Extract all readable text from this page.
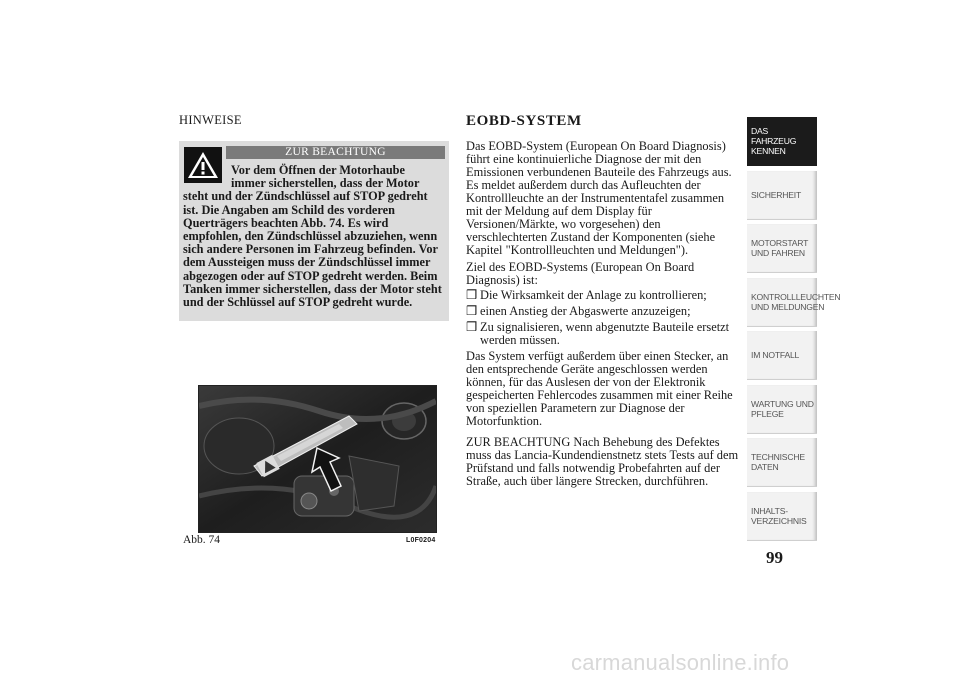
HINWEISE
ZUR BEACHTUNG
Vor dem Öffnen der Motorhaube
immer sicherstellen, dass der Motor
steht und der Zündschlüssel auf STOP gedreht ist. Die Angaben am Schild des vorderen Querträgers beachten Abb. 74. Es wird empfohlen, den Zündschlüssel abzuziehen, wenn sich andere Personen im Fahrzeug befinden. Vor dem Aussteigen muss der Zündschlüssel immer abgezogen oder auf STOP gedreht werden. Beim Tanken immer sicherstellen, dass der Motor steht und der Schlüssel auf STOP gedreht wurde.
Abb. 74	L0F0204
EOBD-SYSTEM

Das EOBD-System (European On Board Diagnosis) führt eine kontinuierliche Diagnose der mit den Emissionen verbundenen Bauteile des Fahrzeugs aus. Es meldet außerdem durch das Aufleuchten der Kontrollleuchte an der Instrumententafel zusammen mit der Meldung auf dem Display für Versionen/Märkte, wo vorgesehen) den verschlechterten Zustand der Komponenten (siehe Kapitel "Kontrollleuchten und Meldungen").

Ziel des EOBD-Systems (European On Board Diagnosis) ist:

❒ Die Wirksamkeit der Anlage zu kontrollieren;
❒ einen Anstieg der Abgaswerte anzuzeigen;
❒ Zu signalisieren, wenn abgenutzte Bauteile ersetzt werden müssen.

Das System verfügt außerdem über einen Stecker, an den entsprechende Geräte angeschlossen werden können, für das Auslesen der von der Elektronik gespeicherten Fehlercodes zusammen mit einer Reihe von speziellen Parametern zur Diagnose der Motorfunktion.

ZUR BEACHTUNG Nach Behebung des Defektes muss das Lancia-Kundendienstnetz stets Tests auf dem Prüfstand und falls notwendig Probefahrten auf der Straße, auch über längere Strecken, durchführen.

DAS FAHRZEUG KENNEN
SICHERHEIT
MOTORSTART UND FAHREN
KONTROLLLEUCHTEN UND MELDUNGEN
IM NOTFALL
WARTUNG UND PFLEGE
TECHNISCHE DATEN
INHALTS- VERZEICHNIS
99
carmanualsonline.info
